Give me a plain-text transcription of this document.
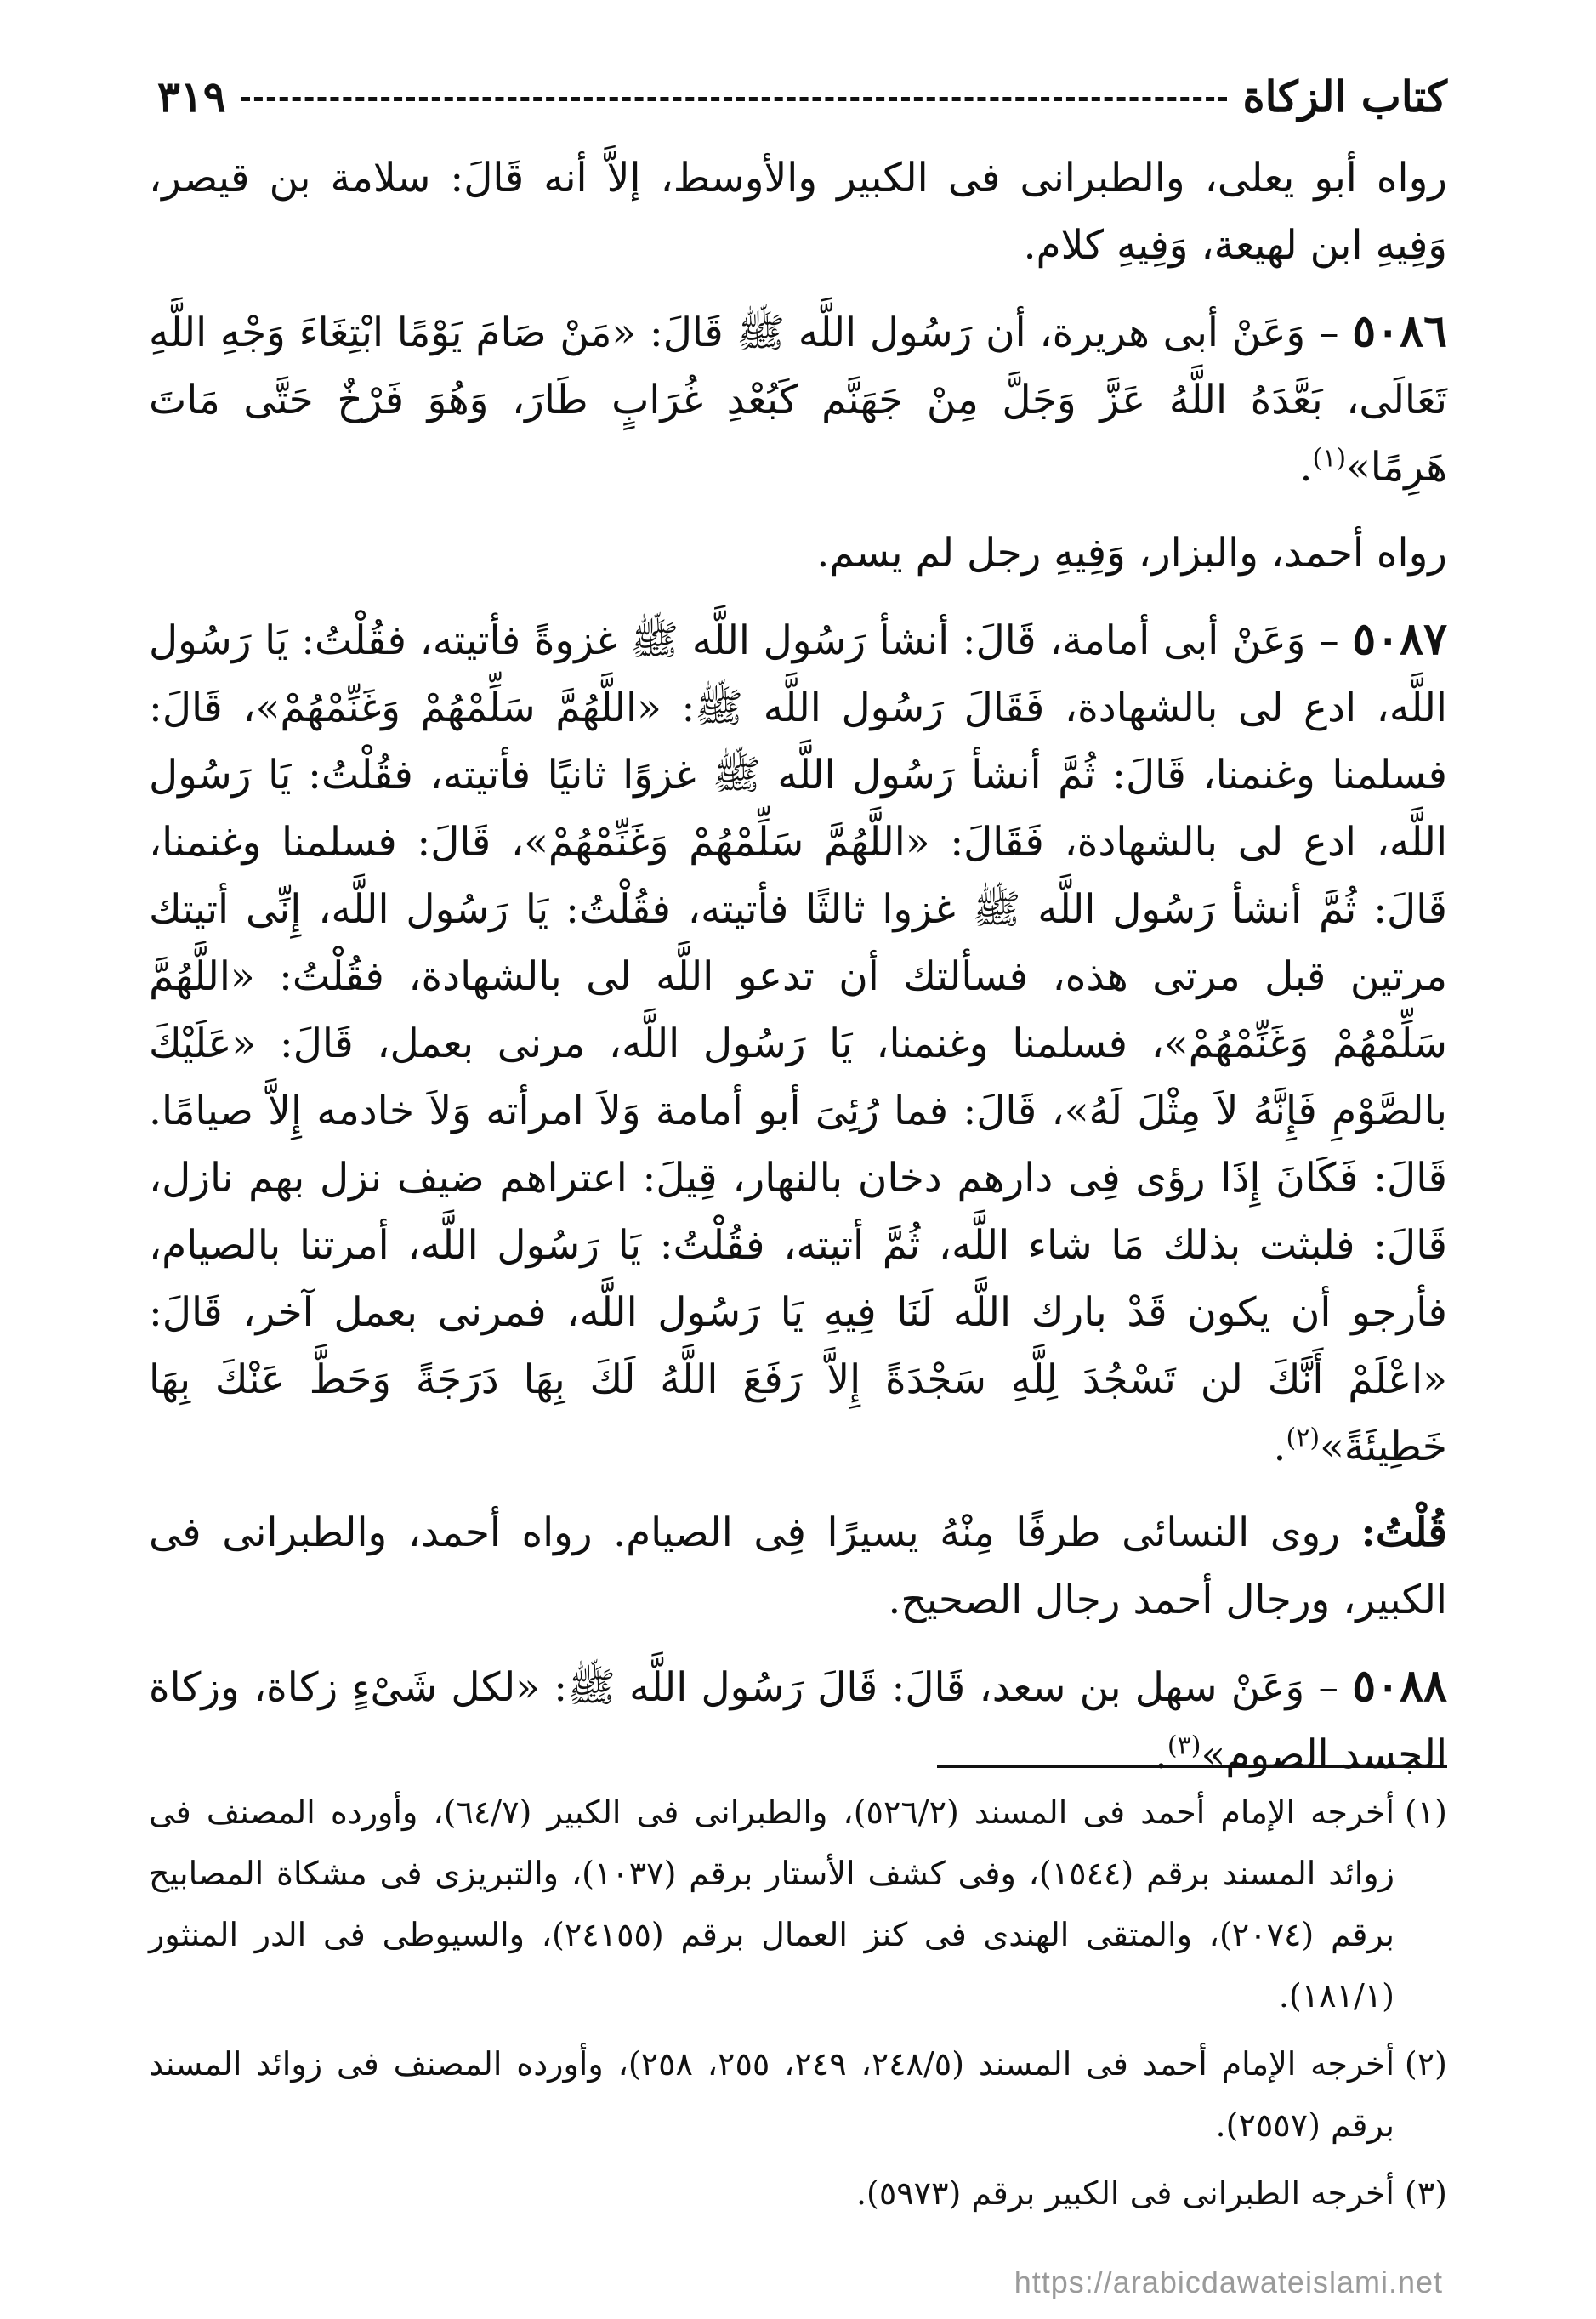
كتاب الزكاة
٣١٩

رواه أبو يعلى، والطبرانى فى الكبير والأوسط، إلاَّ أنه قَالَ: سلامة بن قيصر، وَفِيهِ ابن لهيعة، وَفِيهِ كلام.

٥٠٨٦ – وَعَنْ أبى هريرة، أن رَسُول اللَّه ﷺ قَالَ: «مَنْ صَامَ يَوْمًا ابْتِغَاءَ وَجْهِ اللَّهِ تَعَالَى، بَعَّدَهُ اللَّهُ عَزَّ وَجَلَّ مِنْ جَهَنَّم كَبُعْدِ غُرَابٍ طَارَ، وَهُوَ فَرْخٌ حَتَّى مَاتَ هَرِمًا»$^{(١)}$.

رواه أحمد، والبزار، وَفِيهِ رجل لم يسم.

٥٠٨٧ – وَعَنْ أبى أمامة، قَالَ: أنشأ رَسُول اللَّه ﷺ غزوةً فأتيته، فقُلْتُ: يَا رَسُول اللَّه، ادع لى بالشهادة، فَقَالَ رَسُول اللَّه ﷺ: «اللَّهُمَّ سَلِّمْهُمْ وَغَنِّمْهُمْ»، قَالَ: فسلمنا وغنمنا، قَالَ: ثُمَّ أنشأ رَسُول اللَّه ﷺ غزوًا ثانيًا فأتيته، فقُلْتُ: يَا رَسُول اللَّه، ادع لى بالشهادة، فَقَالَ: «اللَّهُمَّ سَلِّمْهُمْ وَغَنِّمْهُمْ»، قَالَ: فسلمنا وغنمنا، قَالَ: ثُمَّ أنشأ رَسُول اللَّه ﷺ غزوا ثالثًا فأتيته، فقُلْتُ: يَا رَسُول اللَّه، إِنِّى أتيتك مرتين قبل مرتى هذه، فسألتك أن تدعو اللَّه لى بالشهادة، فقُلْتُ: «اللَّهُمَّ سَلِّمْهُمْ وَغَنِّمْهُمْ»، فسلمنا وغنمنا، يَا رَسُول اللَّه، مرنى بعمل، قَالَ: «عَلَيْكَ بالصَّوْمِ فَإِنَّهُ لاَ مِثْلَ لَهُ»، قَالَ: فما رُئِىَ أبو أمامة وَلاَ امرأته وَلاَ خادمه إِلاَّ صيامًا. قَالَ: فَكَانَ إِذَا رؤى فِى دارهم دخان بالنهار، قِيلَ: اعتراهم ضيف نزل بهم نازل، قَالَ: فلبثت بذلك مَا شاء اللَّه، ثُمَّ أتيته، فقُلْتُ: يَا رَسُول اللَّه، أمرتنا بالصيام، فأرجو أن يكون قَدْ بارك اللَّه لَنَا فِيهِ يَا رَسُول اللَّه، فمرنى بعمل آخر، قَالَ: «اعْلَمْ أَنَّكَ لن تَسْجُدَ لِلَّهِ سَجْدَةً إِلاَّ رَفَعَ اللَّهُ لَكَ بِهَا دَرَجَةً وَحَطَّ عَنْكَ بِهَا خَطِيئَةً»$^{(٢)}$.

قُلْتُ: روى النسائى طرفًا مِنْهُ يسيرًا فِى الصيام. رواه أحمد، والطبرانى فى الكبير، ورجال أحمد رجال الصحيح.

٥٠٨٨ – وَعَنْ سهل بن سعد، قَالَ: قَالَ رَسُول اللَّه ﷺ: «لكل شَىْءٍ زكاة، وزكاة الجسد الصوم»$^{(٣)}$.

(١)
أخرجه الإمام أحمد فى المسند (٥٢٦/٢)، والطبرانى فى الكبير (٦٤/٧)، وأورده المصنف فى زوائد المسند برقم (١٥٤٤)، وفى كشف الأستار برقم (١٠٣٧)، والتبريزى فى مشكاة المصابيح برقم (٢٠٧٤)، والمتقى الهندى فى كنز العمال برقم (٢٤١٥٥)، والسيوطى فى الدر المنثور (١٨١/١).
(٢)
أخرجه الإمام أحمد فى المسند (٢٤٨/٥، ٢٤٩، ٢٥٥، ٢٥٨)، وأورده المصنف فى زوائد المسند برقم (٢٥٥٧).
(٣)
أخرجه الطبرانى فى الكبير برقم (٥٩٧٣).
https://arabicdawateislami.net
